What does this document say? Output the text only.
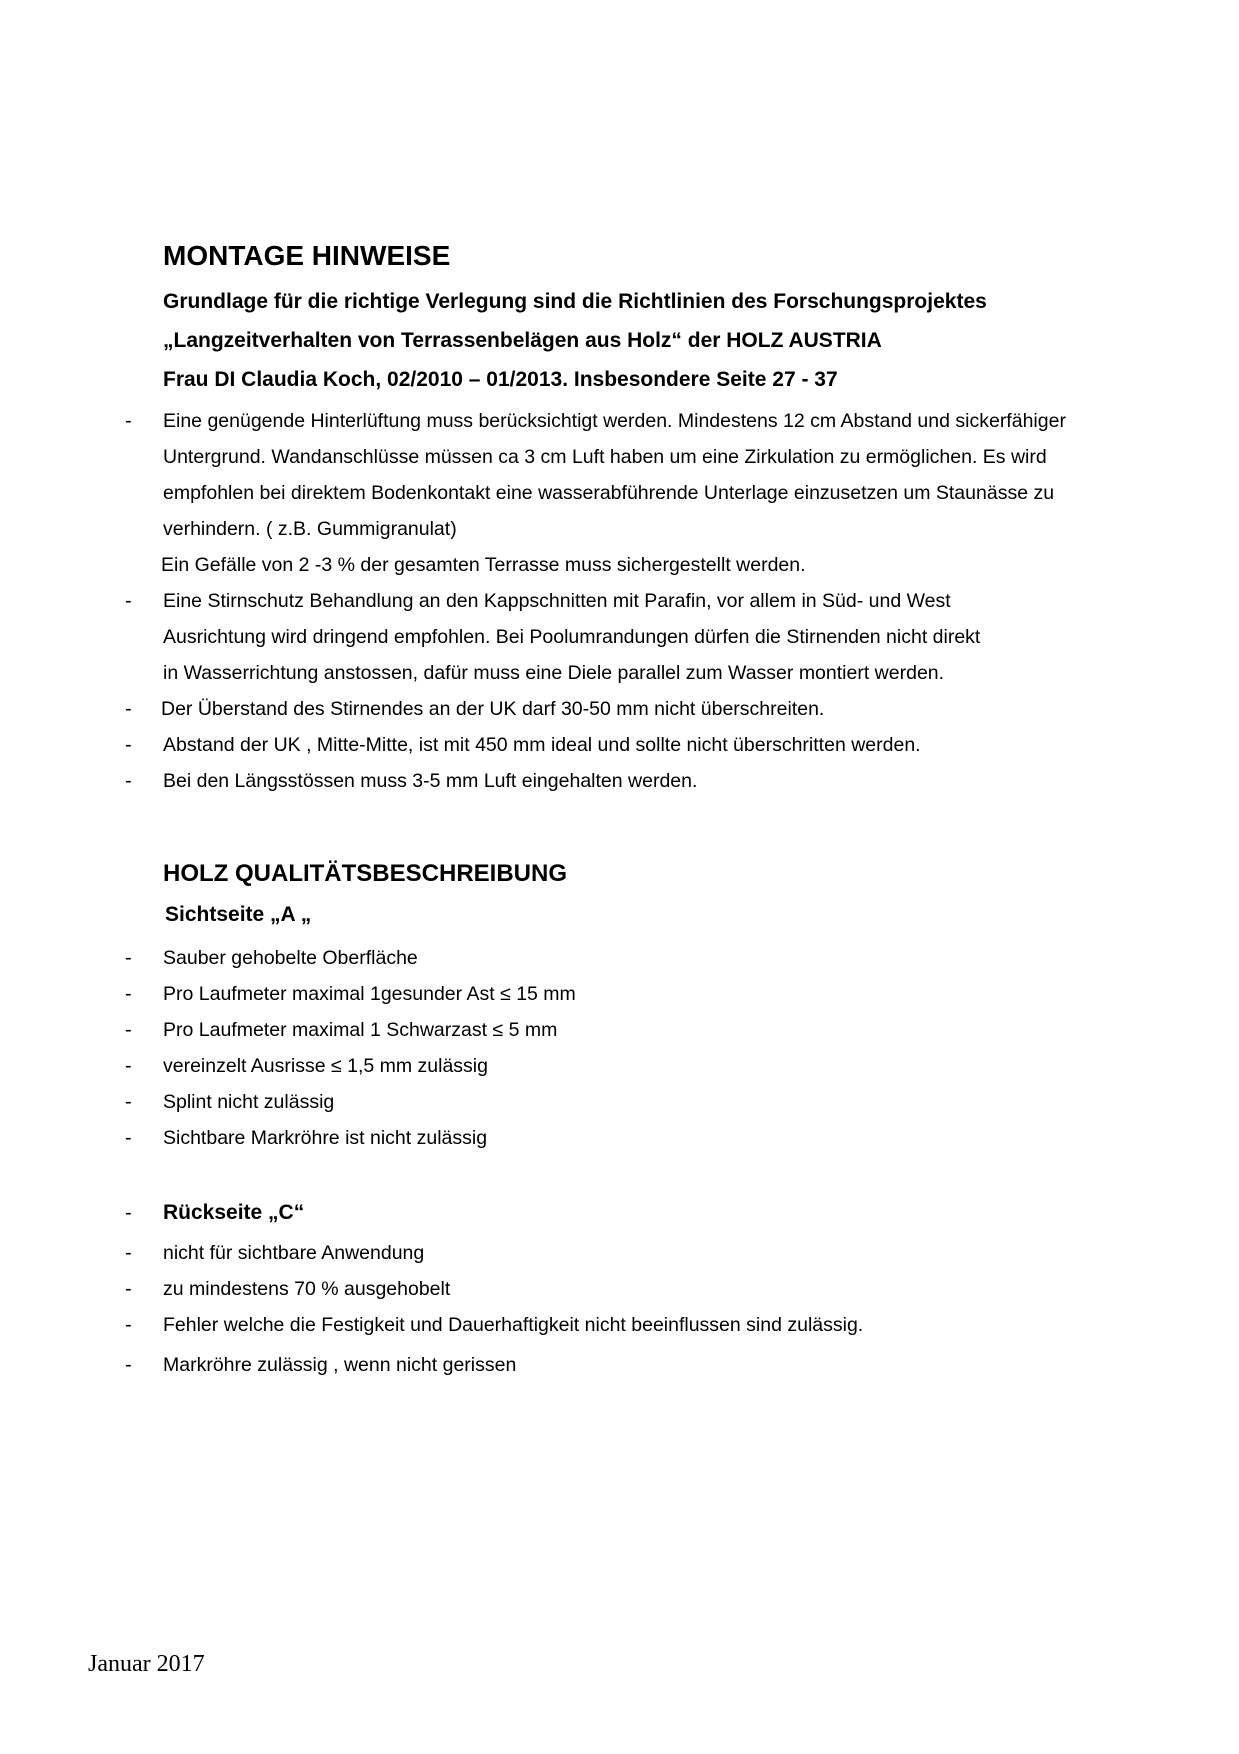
MONTAGE HINWEISE
Grundlage für die richtige Verlegung sind die Richtlinien des Forschungsprojektes
„Langzeitverhalten von Terrassenbelägen aus Holz“ der HOLZ AUSTRIA
Frau DI Claudia Koch, 02/2010 – 01/2013. Insbesondere Seite 27 - 37
- Eine genügende Hinterlüftung muss berücksichtigt werden. Mindestens 12 cm Abstand und sickerfähiger
Untergrund. Wandanschlüsse müssen ca 3 cm Luft haben um eine Zirkulation zu ermöglichen. Es wird
empfohlen bei direktem Bodenkontakt eine wasserabführende Unterlage einzusetzen um Staunässe zu
verhindern. ( z.B. Gummigranulat)
Ein Gefälle von 2 -3 % der gesamten Terrasse muss sichergestellt werden.
- Eine Stirnschutz Behandlung an den Kappschnitten mit Parafin, vor allem in Süd- und West
Ausrichtung wird dringend empfohlen. Bei Poolumrandungen dürfen die Stirnenden nicht direkt
in Wasserrichtung anstossen, dafür muss eine Diele parallel zum Wasser montiert werden.
- Der Überstand des Stirnendes an der UK darf 30-50 mm nicht überschreiten.
- Abstand der UK , Mitte-Mitte, ist mit 450 mm ideal und sollte nicht überschritten werden.
- Bei den Längsstössen muss 3-5 mm Luft eingehalten werden.
HOLZ QUALITÄTSBESCHREIBUNG
Sichtseite „A „
- Sauber gehobelte Oberfläche
- Pro Laufmeter maximal 1gesunder Ast ≤ 15 mm
- Pro Laufmeter maximal 1 Schwarzast ≤ 5 mm
- vereinzelt Ausrisse ≤ 1,5 mm zulässig
- Splint nicht zulässig
- Sichtbare Markröhre ist nicht zulässig
- Rückseite „C“
- nicht für sichtbare Anwendung
- zu mindestens 70 % ausgehobelt
- Fehler welche die Festigkeit und Dauerhaftigkeit nicht beeinflussen sind zulässig.
- Markröhre zulässig , wenn nicht gerissen
Januar 2017
